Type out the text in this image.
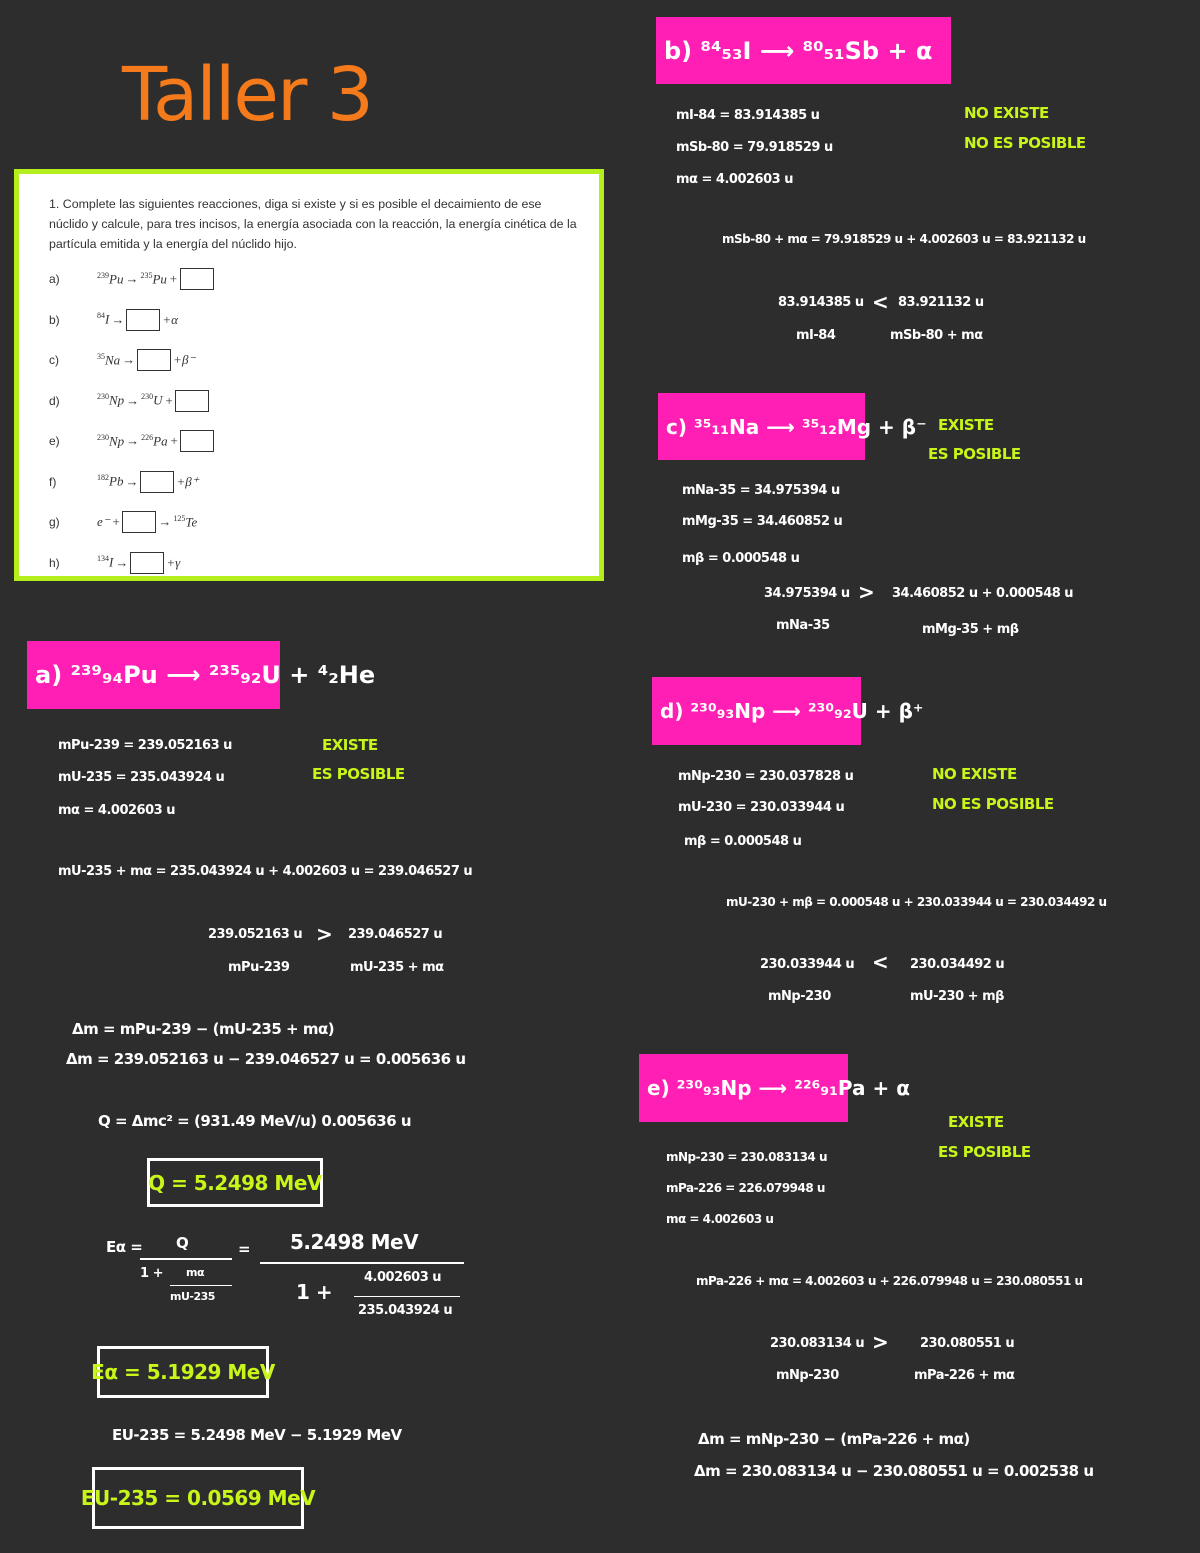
Taller 3
1. Complete las siguientes reacciones, diga si existe y si es posible el decaimiento de ese núclido y calcule, para tres incisos, la energía asociada con la reacción, la energía cinética de la partícula emitida y la energía del núclido hijo.
a)	$^{239}$Pu → $^{235}$Pu +
b)	$^{84}$I →	+α
c)	$^{35}$Na →	+β⁻
d)	$^{230}$Np → $^{230}$U +
e)	$^{230}$Np → $^{226}$Pa +
f)	$^{182}$Pb →	+β⁺
g)	e⁻ +	→ $^{125}$Te
h)	$^{134}$I →	+γ
a) ²³⁹₉₄Pu ⟶ ²³⁵₉₂U + ⁴₂He
mPu-239 = 239.052163 u
mU-235 = 235.043924 u
mα = 4.002603 u
EXISTE
ES POSIBLE
mU-235 + mα = 235.043924 u + 4.002603 u = 239.046527 u
239.052163 u > 239.046527 u
mPu-239	mU-235 + mα
Δm = mPu-239 − (mU-235 + mα)
Δm = 239.052163 u − 239.046527 u = 0.005636 u
Q = Δmc² = (931.49 MeV/u) 0.005636 u
Q = 5.2498 MeV
Eα = Q
1 + mα
mU-235
= 5.2498 MeV
1 +
4.002603 u
235.043924 u
Eα = 5.1929 MeV
EU-235 = 5.2498 MeV − 5.1929 MeV
EU-235 = 0.0569 MeV
b) ⁸⁴₅₃I ⟶ ⁸⁰₅₁Sb + α
mI-84 = 83.914385 u
mSb-80 = 79.918529 u
mα = 4.002603 u
NO EXISTE
NO ES POSIBLE
mSb-80 + mα = 79.918529 u + 4.002603 u = 83.921132 u
83.914385 u < 83.921132 u
mI-84	mSb-80 + mα
c) ³⁵₁₁Na ⟶ ³⁵₁₂Mg + β⁻
mNa-35 = 34.975394 u
mMg-35 = 34.460852 u
mβ = 0.000548 u
EXISTE
ES POSIBLE
34.975394 u > 34.460852 u + 0.000548 u
mNa-35	mMg-35 + mβ
d) ²³⁰₉₃Np ⟶ ²³⁰₉₂U + β⁺
mNp-230 = 230.037828 u
mU-230 = 230.033944 u
mβ = 0.000548 u
NO EXISTE
NO ES POSIBLE
mU-230 + mβ = 0.000548 u + 230.033944 u = 230.034492 u
230.033944 u < 230.034492 u
mNp-230	mU-230 + mβ
e) ²³⁰₉₃Np ⟶ ²²⁶₉₁Pa + α
mNp-230 = 230.083134 u
mPa-226 = 226.079948 u
mα = 4.002603 u
EXISTE
ES POSIBLE
mPa-226 + mα = 4.002603 u + 226.079948 u = 230.080551 u
230.083134 u > 230.080551 u
mNp-230	mPa-226 + mα
Δm = mNp-230 − (mPa-226 + mα)
Δm = 230.083134 u − 230.080551 u = 0.002538 u
